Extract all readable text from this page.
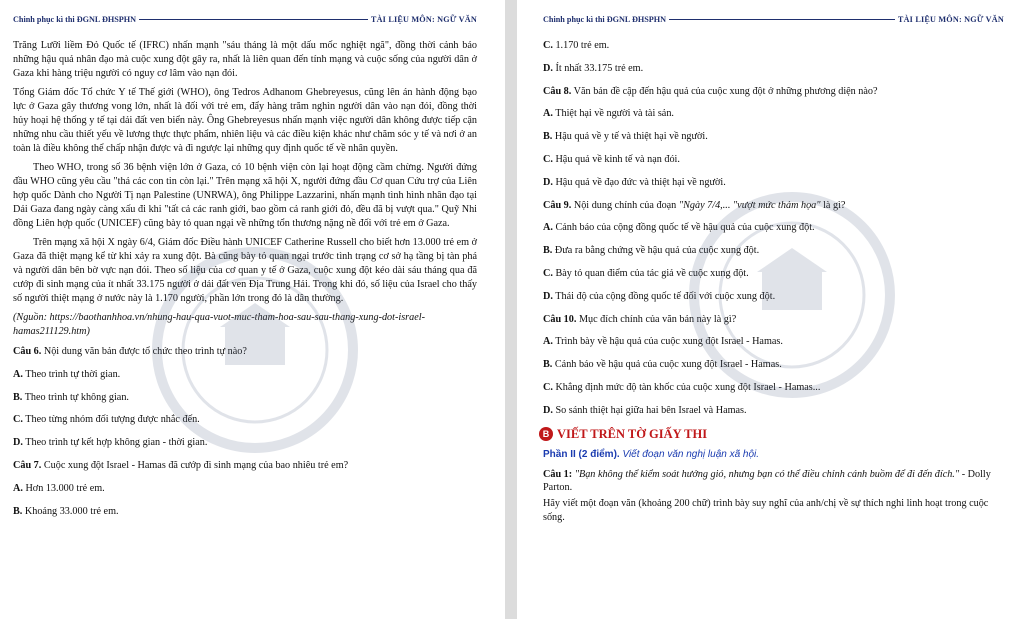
Chinh phục kì thi ĐGNL ĐHSPHN	TÀI LIỆU MÔN: NGỮ VĂN

Trăng Lưỡi liềm Đỏ Quốc tế (IFRC) nhấn mạnh "sáu tháng là một dấu mốc nghiệt ngã", đồng thời cảnh báo những hậu quả nhân đạo mà cuộc xung đột gây ra, nhất là liên quan đến tính mạng và cuộc sống của người dân ở Gaza khi hàng triệu người có nguy cơ lâm vào nạn đói.

Tổng Giám đốc Tổ chức Y tế Thế giới (WHO), ông Tedros Adhanom Ghebreyesus, cũng lên án hành động bạo lực ở Gaza gây thương vong lớn, nhất là đối với trẻ em, đẩy hàng trăm nghìn người dân vào nạn đói, đồng thời hủy hoại hệ thống y tế tại dải đất ven biển này. Ông Ghebreyesus nhấn mạnh việc người dân không được tiếp cận những nhu cầu thiết yếu về lương thực thực phẩm, nhiên liệu và các điều kiện khác như chăm sóc y tế và nơi ở an toàn là điều không thể chấp nhận được và đi ngược lại những quy định quốc tế về nhân quyền.

Theo WHO, trong số 36 bệnh viện lớn ở Gaza, có 10 bệnh viện còn lại hoạt động cầm chừng. Người đứng đầu WHO cũng yêu cầu "thả các con tin còn lại." Trên mạng xã hội X, người đứng đầu Cơ quan Cứu trợ của Liên hợp quốc Dành cho Người Tị nạn Palestine (UNRWA), ông Philippe Lazzarini, nhấn mạnh tình hình nhân đạo tại Dải Gaza đang ngày càng xấu đi khi "tất cả các ranh giới, bao gồm cả ranh giới đỏ, đều đã bị vượt qua." Quỹ Nhi đồng Liên hợp quốc (UNICEF) cũng bày tỏ quan ngại về những tổn thương nặng nề đối với trẻ em ở Gaza.

Trên mạng xã hội X ngày 6/4, Giám đốc Điều hành UNICEF Catherine Russell cho biết hơn 13.000 trẻ em ở Gaza đã thiệt mạng kể từ khi xảy ra xung đột. Bà cũng bày tỏ quan ngại trước tình trạng cơ sở hạ tầng bị tàn phá và người dân bên bờ vực nạn đói. Theo số liệu của cơ quan y tế ở Gaza, cuộc xung đột kéo dài sáu tháng qua đã cướp đi sinh mạng của ít nhất 33.175 người ở dải đất ven Địa Trung Hải. Trong khi đó, số liệu của Israel cho thấy số người thiệt mạng ở nước này là 1.170 người, phần lớn trong đó là dân thường.

(Nguồn: https://baothanhhoa.vn/nhung-hau-qua-vuot-muc-tham-hoa-sau-sau-thang-xung-dot-israel-hamas211129.htm)

Câu 6. Nội dung văn bản được tổ chức theo trình tự nào?
A. Theo trình tự thời gian.
B. Theo trình tự không gian.
C. Theo từng nhóm đối tượng được nhắc đến.
D. Theo trình tự kết hợp không gian - thời gian.
Câu 7. Cuộc xung đột Israel - Hamas đã cướp đi sinh mạng của bao nhiêu trẻ em?
A. Hơn 13.000 trẻ em.
B. Khoảng 33.000 trẻ em.
Chinh phục kì thi ĐGNL ĐHSPHN	TÀI LIỆU MÔN: NGỮ VĂN
C. 1.170 trẻ em.
D. Ít nhất 33.175 trẻ em.
Câu 8. Văn bản đề cập đến hậu quả của cuộc xung đột ở những phương diện nào?
A. Thiệt hại về người và tài sản.
B. Hậu quả về y tế và thiệt hại về người.
C. Hậu quả về kinh tế và nạn đói.
D. Hậu quả về đạo đức và thiệt hại về người.
Câu 9. Nội dung chính của đoạn "Ngày 7/4,... "vượt mức thảm họa" là gì?
A. Cảnh báo của cộng đồng quốc tế về hậu quả của cuộc xung đột.
B. Đưa ra bằng chứng về hậu quả của cuộc xung đột.
C. Bày tỏ quan điểm của tác giả về cuộc xung đột.
D. Thái độ của cộng đồng quốc tế đối với cuộc xung đột.
Câu 10. Mục đích chính của văn bản này là gì?
A. Trình bày về hậu quả của cuộc xung đột Israel - Hamas.
B. Cảnh báo về hậu quả của cuộc xung đột Israel - Hamas.
C. Khẳng định mức độ tàn khốc của cuộc xung đột Israel - Hamas...
D. So sánh thiệt hại giữa hai bên Israel và Hamas.
B VIẾT TRÊN TỜ GIẤY THI
Phần II (2 điểm). Viết đoạn văn nghị luận xã hội.
Câu 1: "Bạn không thể kiểm soát hướng gió, nhưng bạn có thể điều chỉnh cánh buồm để đi đến đích." - Dolly Parton.
Hãy viết một đoạn văn (khoảng 200 chữ) trình bày suy nghĩ của anh/chị về sự thích nghi linh hoạt trong cuộc sống.
